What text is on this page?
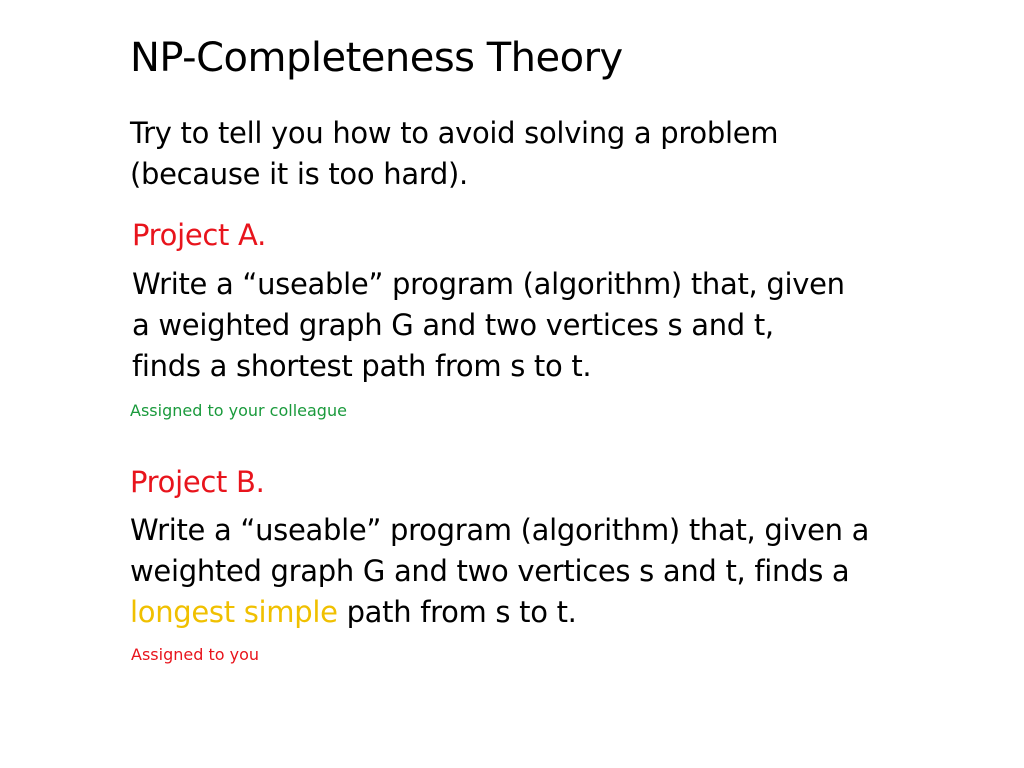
NP-Completeness Theory
Try to tell you how to avoid solving a problem
(because it is too hard).
Project A.
Write a “useable” program (algorithm) that, given
a weighted graph G and two vertices s and t,
finds a shortest path from s to t.
Assigned to your colleague
Project B.
Write a “useable” program (algorithm) that, given a
weighted graph G and two vertices s and t, finds a
longest simple path from s to t.
Assigned to you
